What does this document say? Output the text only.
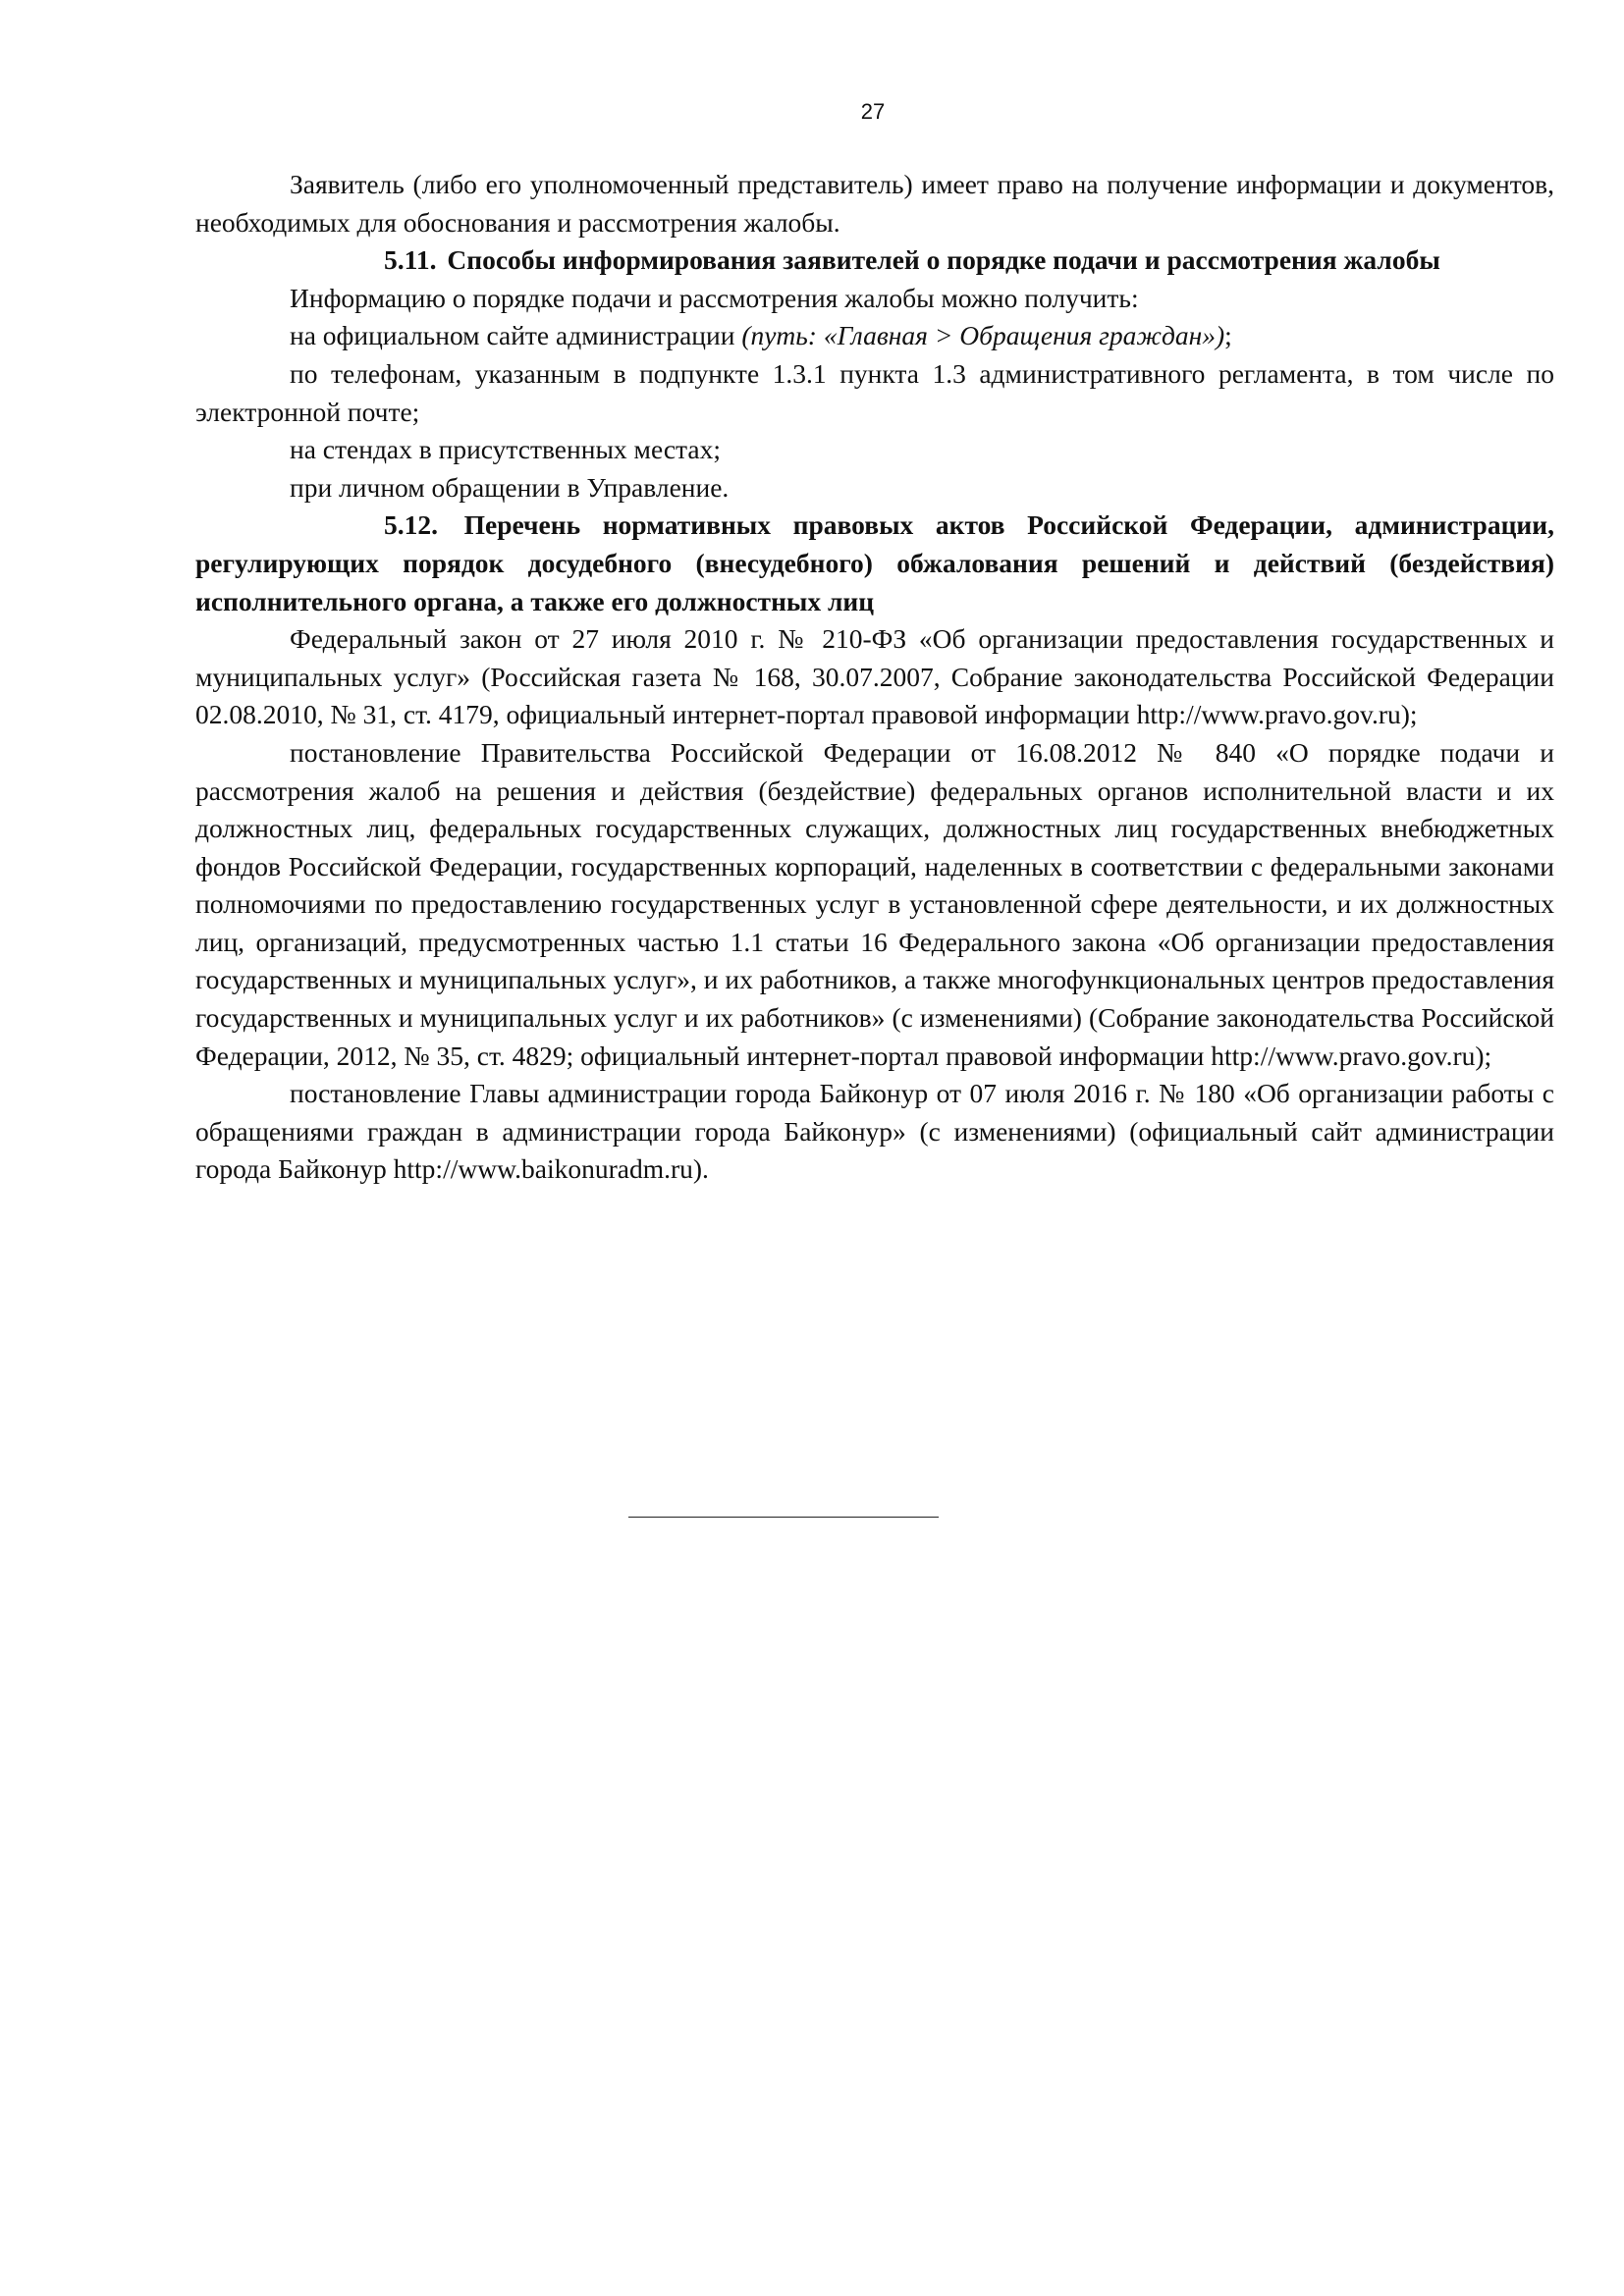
27

Заявитель (либо его уполномоченный представитель) имеет право на получение информации и документов, необходимых для обоснования и рассмотрения жалобы.

5.11. Способы информирования заявителей о порядке подачи и рассмотрения жалобы

Информацию о порядке подачи и рассмотрения жалобы можно получить:

на официальном сайте администрации (путь: «Главная > Обращения граждан»);

по телефонам, указанным в подпункте 1.3.1 пункта 1.3 административного регламента, в том числе по электронной почте;

на стендах в присутственных местах;

при личном обращении в Управление.

5.12. Перечень нормативных правовых актов Российской Федерации, администрации, регулирующих порядок досудебного (внесудебного) обжалования решений и действий (бездействия) исполнительного органа, а также его должностных лиц

Федеральный закон от 27 июля 2010 г. № 210-ФЗ «Об организации предоставления государственных и муниципальных услуг» (Российская газета № 168, 30.07.2007, Собрание законодательства Российской Федерации 02.08.2010, № 31, ст. 4179, официальный интернет-портал правовой информации http://www.pravo.gov.ru);

постановление Правительства Российской Федерации от 16.08.2012 № 840 «О порядке подачи и рассмотрения жалоб на решения и действия (бездействие) федеральных органов исполнительной власти и их должностных лиц, федеральных государственных служащих, должностных лиц государственных внебюджетных фондов Российской Федерации, государственных корпораций, наделенных в соответствии с федеральными законами полномочиями по предоставлению государственных услуг в установленной сфере деятельности, и их должностных лиц, организаций, предусмотренных частью 1.1 статьи 16 Федерального закона «Об организации предоставления государственных и муниципальных услуг», и их работников, а также многофункциональных центров предоставления государственных и муниципальных услуг и их работников» (с изменениями) (Собрание законодательства Российской Федерации, 2012, № 35, ст. 4829; официальный интернет-портал правовой информации http://www.pravo.gov.ru);

постановление Главы администрации города Байконур от 07 июля 2016 г. № 180 «Об организации работы с обращениями граждан в администрации города Байконур» (с изменениями) (официальный сайт администрации города Байконур http://www.baikonuradm.ru).
